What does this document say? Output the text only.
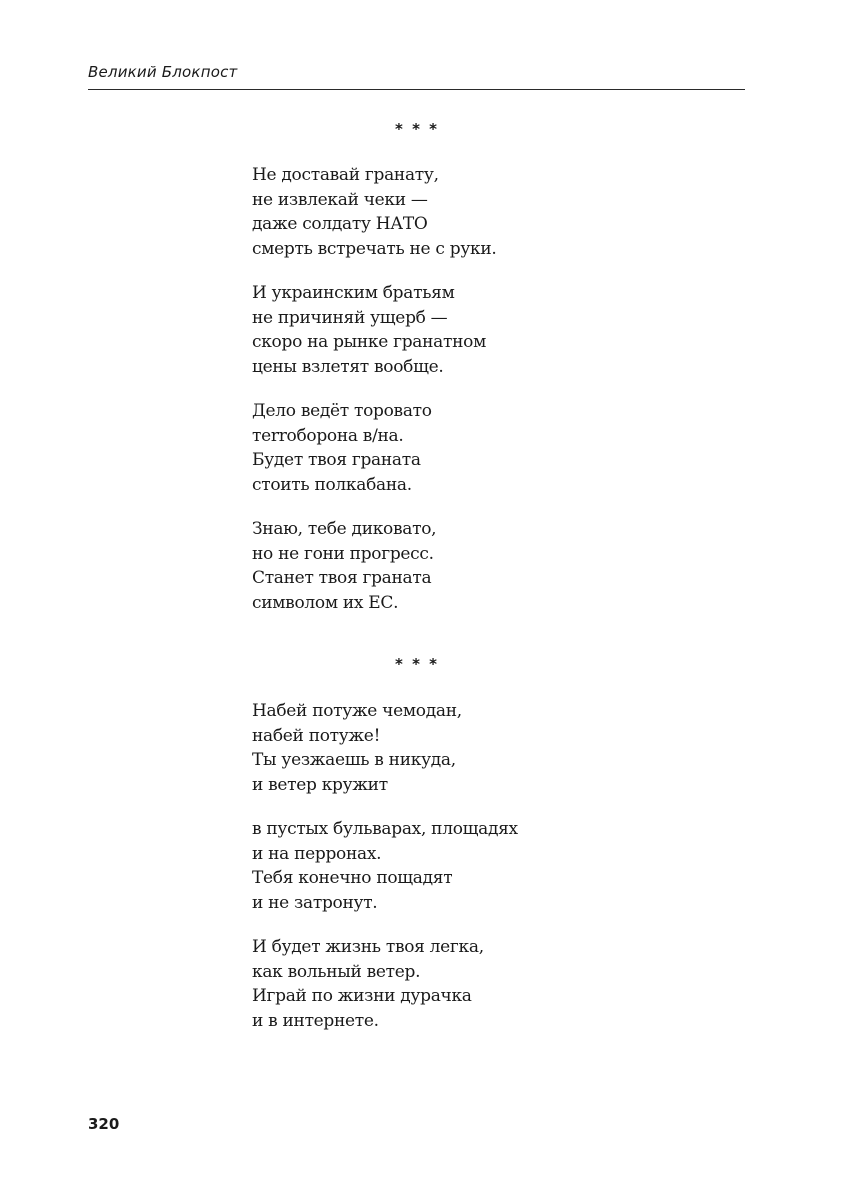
Великий Блокпост
* * *
Не доставай гранату,
не извлекай чеки —
даже солдату НАТО
смерть встречать не с руки.
И украинским братьям
не причиняй ущерб —
скоро на рынке гранатном
цены взлетят вообще.
Дело ведёт торовато
тerrоборона в/на.
Будет твоя граната
стоить полкабана.
Знаю, тебе диковато,
но не гони прогресс.
Станет твоя граната
символом их ЕС.
* * *
Набей потуже чемодан,
набей потуже!
Ты уезжаешь в никуда,
и ветер кружит
в пустых бульварах, площадях
и на перронах.
Тебя конечно пощадят
и не затронут.
И будет жизнь твоя легка,
как вольный ветер.
Играй по жизни дурачка
и в интернете.
320
